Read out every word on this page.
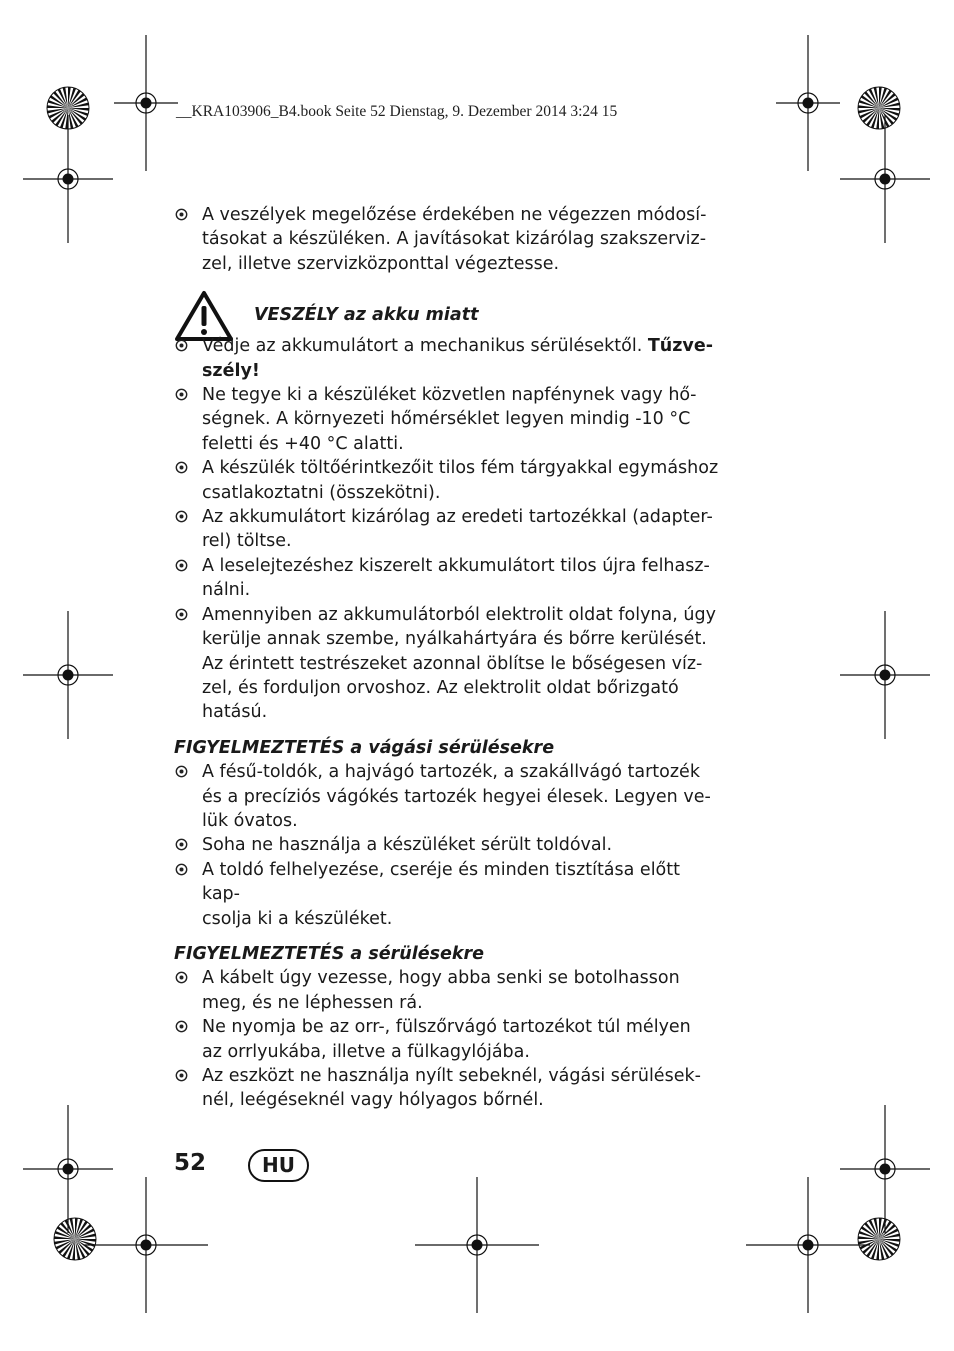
__KRA103906_B4.book Seite 52 Dienstag, 9. Dezember 2014 3:24 15
A veszélyek megelőzése érdekében ne végezzen módosí-
tásokat a készüléken. A javításokat kizárólag szakszerviz-
zel, illetve szervizközponttal végeztesse.
VESZÉLY az akku miatt
Védje az akkumulátort a mechanikus sérülésektől. Tűzve-
szély!
Ne tegye ki a készüléket közvetlen napfénynek vagy hő-
ségnek. A környezeti hőmérséklet legyen mindig -10 °C
feletti és +40 °C alatti.
A készülék töltőérintkezőit tilos fém tárgyakkal egymáshoz
csatlakoztatni (összekötni).
Az akkumulátort kizárólag az eredeti tartozékkal (adapter-
rel) töltse.
A leselejtezéshez kiszerelt akkumulátort tilos újra felhasz-
nálni.
Amennyiben az akkumulátorból elektrolit oldat folyna, úgy
kerülje annak szembe, nyálkahártyára és bőrre kerülését.
Az érintett testrészeket azonnal öblítse le bőségesen víz-
zel, és forduljon orvoshoz. Az elektrolit oldat bőrizgató
hatású.
FIGYELMEZTETÉS a vágási sérülésekre
A fésű-toldók, a hajvágó tartozék, a szakállvágó tartozék
és a precíziós vágókés tartozék hegyei élesek. Legyen ve-
lük óvatos.
Soha ne használja a készüléket sérült toldóval.
A toldó felhelyezése, cseréje és minden tisztítása előtt kap-
csolja ki a készüléket.
FIGYELMEZTETÉS a sérülésekre
A kábelt úgy vezesse, hogy abba senki se botolhasson
meg, és ne léphessen rá.
Ne nyomja be az orr-, fülszőrvágó tartozékot túl mélyen
az orrlyukába, illetve a fülkagylójába.
Az eszközt ne használja nyílt sebeknél, vágási sérülések-
nél, leégéseknél vagy hólyagos bőrnél.
52	HU
